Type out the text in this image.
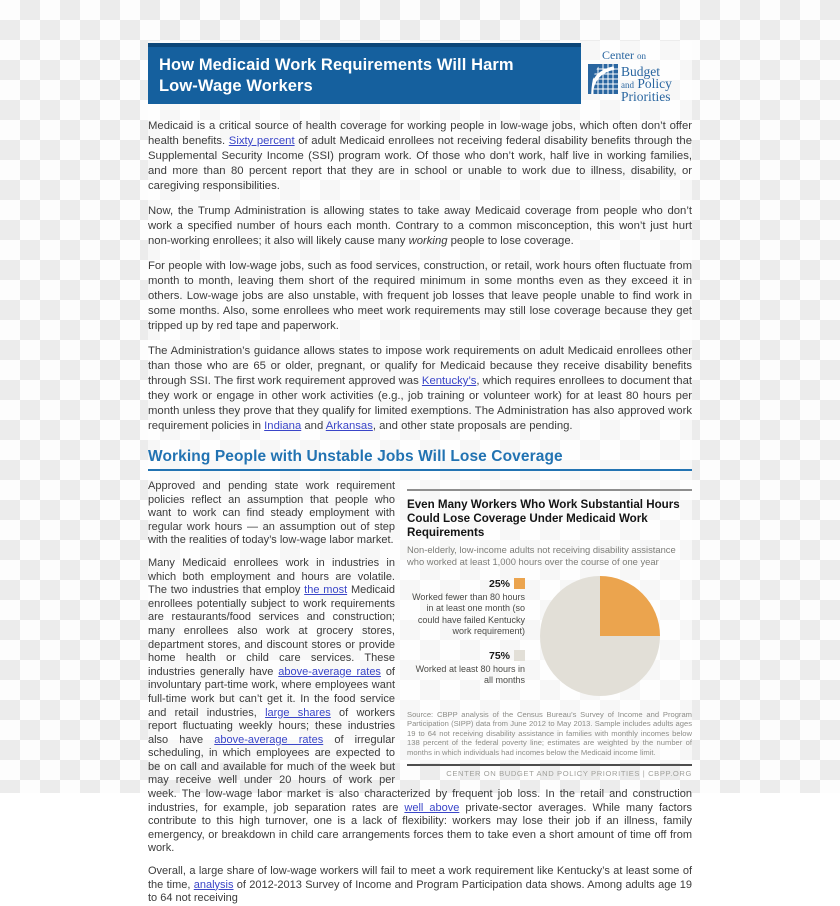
How Medicaid Work Requirements Will Harm
Low-Wage Workers
Center on
Budget
and Policy
Priorities

Medicaid is a critical source of health coverage for working people in low-wage jobs, which often don’t offer health benefits. Sixty percent of adult Medicaid enrollees not receiving federal disability benefits through the Supplemental Security Income (SSI) program work. Of those who don’t work, half live in working families, and more than 80 percent report that they are in school or unable to work due to illness, disability, or caregiving responsibilities.

Now, the Trump Administration is allowing states to take away Medicaid coverage from people who don’t work a specified number of hours each month. Contrary to a common misconception, this won’t just hurt non-working enrollees; it also will likely cause many working people to lose coverage.

For people with low-wage jobs, such as food services, construction, or retail, work hours often fluctuate from month to month, leaving them short of the required minimum in some months even as they exceed it in others. Low-wage jobs are also unstable, with frequent job losses that leave people unable to find work in some months. Also, some enrollees who meet work requirements may still lose coverage because they get tripped up by red tape and paperwork.

The Administration’s guidance allows states to impose work requirements on adult Medicaid enrollees other than those who are 65 or older, pregnant, or qualify for Medicaid because they receive disability benefits through SSI. The first work requirement approved was Kentucky’s, which requires enrollees to document that they work or engage in other work activities (e.g., job training or volunteer work) for at least 80 hours per month unless they prove that they qualify for limited exemptions. The Administration has also approved work requirement policies in Indiana and Arkansas, and other state proposals are pending.

Working People with Unstable Jobs Will Lose Coverage
Even Many Workers Who Work Substantial Hours Could Lose Coverage Under Medicaid Work Requirements
Non-elderly, low-income adults not receiving disability assistance who worked at least 1,000 hours over the course of one year
25%
Worked fewer than 80 hours in at least one month (so could have failed Kentucky work requirement)
75%
Worked at least 80 hours in all months
Source: CBPP analysis of the Census Bureau’s Survey of Income and Program Participation (SIPP) data from June 2012 to May 2013. Sample includes adults ages 19 to 64 not receiving disability assistance in families with monthly incomes below 138 percent of the federal poverty line; estimates are weighted by the number of months in which individuals had incomes below the Medicaid income limit.
CENTER ON BUDGET AND POLICY PRIORITIES | CBPP.ORG

Approved and pending state work requirement policies reflect an assumption that people who want to work can find steady employment with regular work hours — an assumption out of step with the realities of today’s low-wage labor market.

Many Medicaid enrollees work in industries in which both employment and hours are volatile. The two industries that employ the most Medicaid enrollees potentially subject to work requirements are restaurants/food services and construction; many enrollees also work at grocery stores, department stores, and discount stores or provide home health or child care services. These industries generally have above-average rates of involuntary part-time work, where employees want full-time work but can’t get it. In the food service and retail industries, large shares of workers report fluctuating weekly hours; these industries also have above-average rates of irregular scheduling, in which employees are expected to be on call and available for much of the week but may receive well under 20 hours of work per week. The low-wage labor market is also characterized by frequent job loss. In the retail and construction industries, for example, job separation rates are well above private-sector averages. While many factors contribute to this high turnover, one is a lack of flexibility: workers may lose their job if an illness, family emergency, or breakdown in child care arrangements forces them to take even a short amount of time off from work.

Overall, a large share of low-wage workers will fail to meet a work requirement like Kentucky’s at least some of the time, analysis of 2012-2013 Survey of Income and Program Participation data shows. Among adults age 19 to 64 not receiving
